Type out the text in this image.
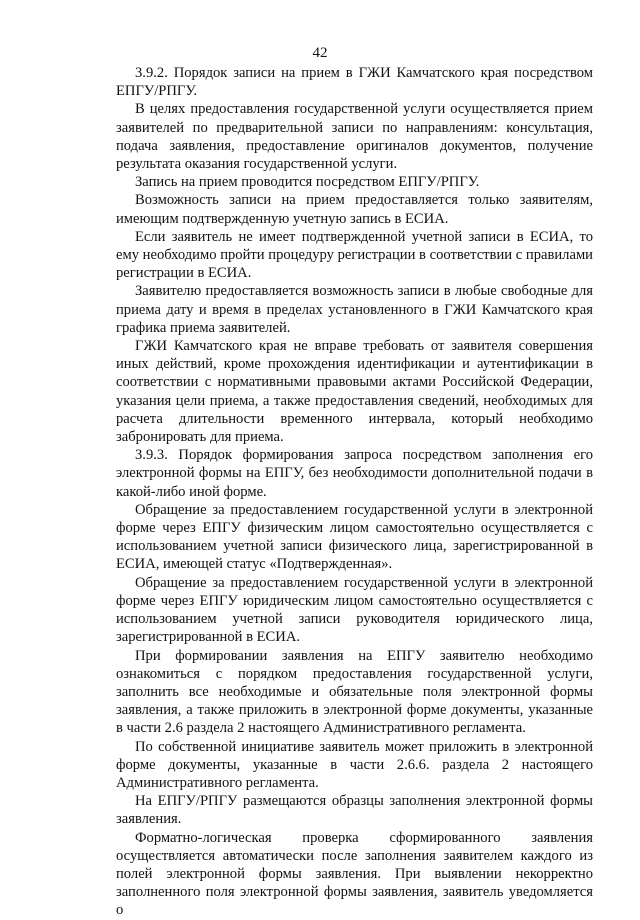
42

3.9.2. Порядок записи на прием в ГЖИ Камчатского края посредством ЕПГУ/РПГУ.

В целях предоставления государственной услуги осуществляется прием заявителей по предварительной записи по направлениям: консультация, подача заявления, предоставление оригиналов документов, получение результата оказания государственной услуги.

Запись на прием проводится посредством ЕПГУ/РПГУ.

Возможность записи на прием предоставляется только заявителям, имеющим подтвержденную учетную запись в ЕСИА.

Если заявитель не имеет подтвержденной учетной записи в ЕСИА, то ему необходимо пройти процедуру регистрации в соответствии с правилами регистрации в ЕСИА.

Заявителю предоставляется возможность записи в любые свободные для приема дату и время в пределах установленного в ГЖИ Камчатского края графика приема заявителей.

ГЖИ Камчатского края не вправе требовать от заявителя совершения иных действий, кроме прохождения идентификации и аутентификации в соответствии с нормативными правовыми актами Российской Федерации, указания цели приема, а также предоставления сведений, необходимых для расчета длительности временного интервала, который необходимо забронировать для приема.

3.9.3. Порядок формирования запроса посредством заполнения его электронной формы на ЕПГУ, без необходимости дополнительной подачи в какой-либо иной форме.

Обращение за предоставлением государственной услуги в электронной форме через ЕПГУ физическим лицом самостоятельно осуществляется с использованием учетной записи физического лица, зарегистрированной в ЕСИА, имеющей статус «Подтвержденная».

Обращение за предоставлением государственной услуги в электронной форме через ЕПГУ юридическим лицом самостоятельно осуществляется с использованием учетной записи руководителя юридического лица, зарегистрированной в ЕСИА.

При формировании заявления на ЕПГУ заявителю необходимо ознакомиться с порядком предоставления государственной услуги, заполнить все необходимые и обязательные поля электронной формы заявления, а также приложить в электронной форме документы, указанные в части 2.6 раздела 2 настоящего Административного регламента.

По собственной инициативе заявитель может приложить в электронной форме документы, указанные в части 2.6.6. раздела 2 настоящего Административного регламента.

На ЕПГУ/РПГУ размещаются образцы заполнения электронной формы заявления.

Форматно-логическая проверка сформированного заявления осуществляется автоматически после заполнения заявителем каждого из полей электронной формы заявления. При выявлении некорректно заполненного поля электронной формы заявления, заявитель уведомляется о
